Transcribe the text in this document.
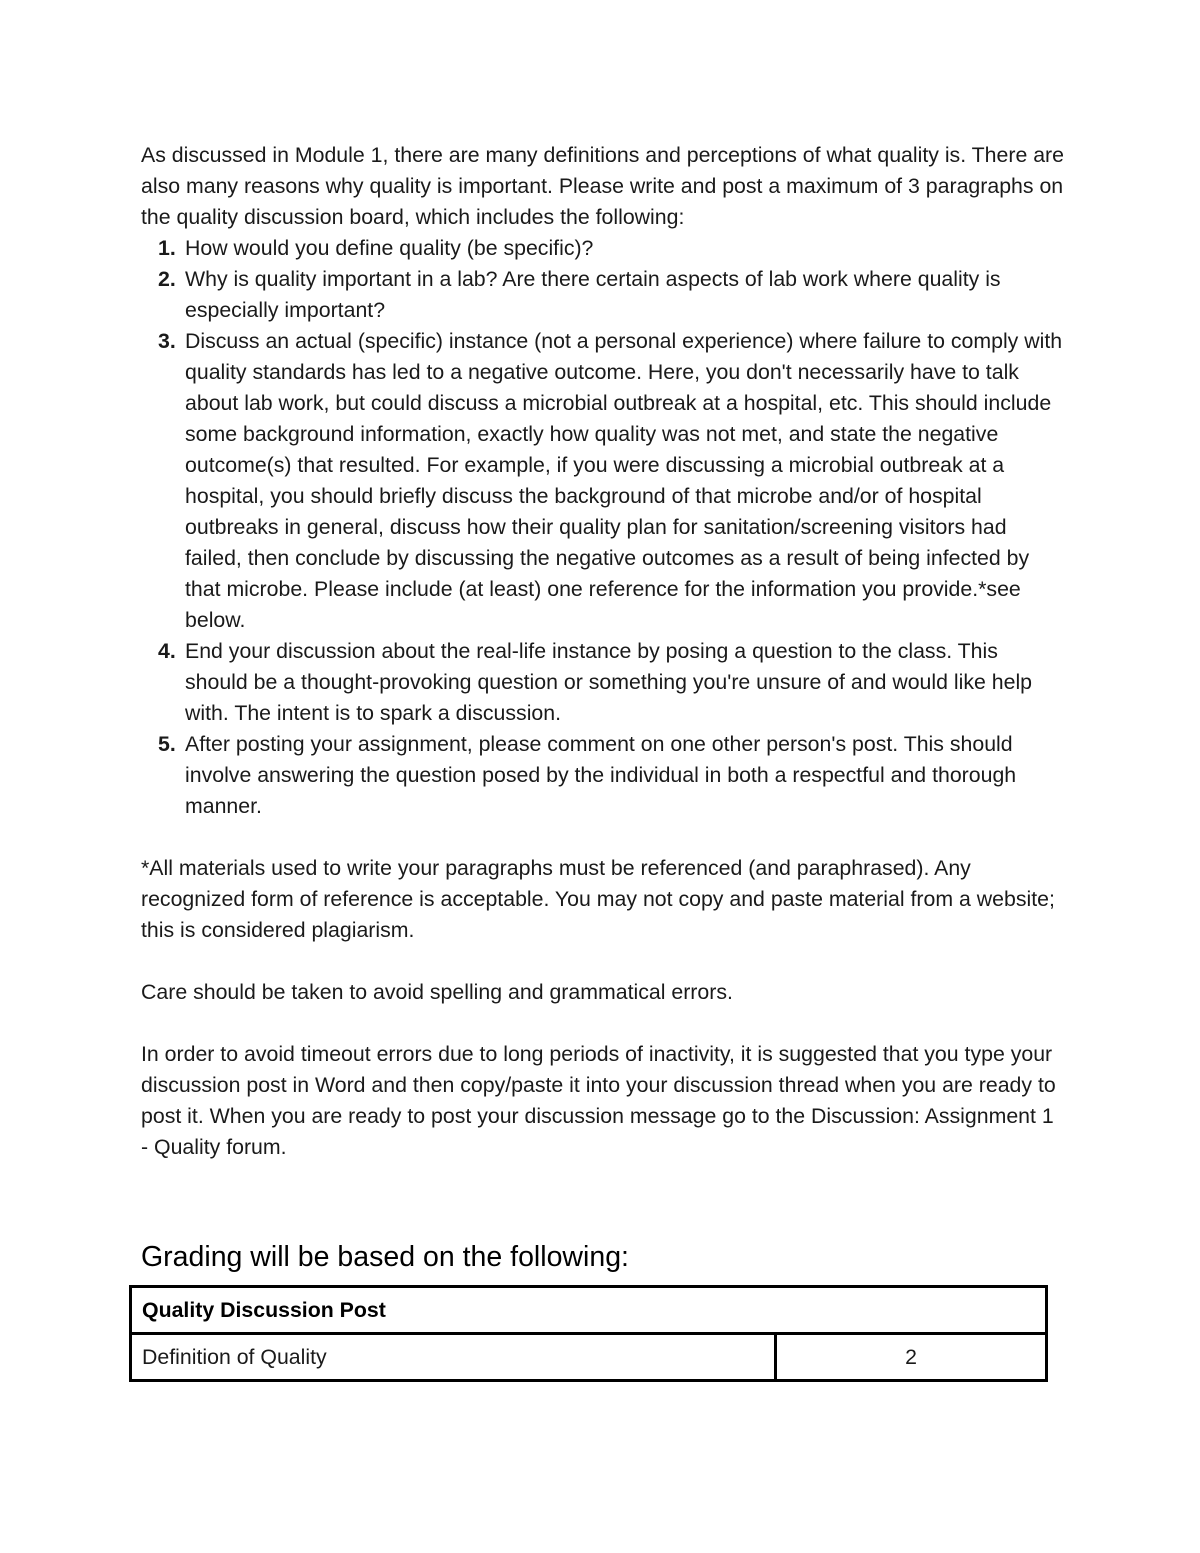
As discussed in Module 1, there are many definitions and perceptions of what quality is. There are also many reasons why quality is important. Please write and post a maximum of 3 paragraphs on the quality discussion board, which includes the following:

1. How would you define quality (be specific)?
2. Why is quality important in a lab? Are there certain aspects of lab work where quality is especially important?
3. Discuss an actual (specific) instance (not a personal experience) where failure to comply with quality standards has led to a negative outcome. Here, you don't necessarily have to talk about lab work, but could discuss a microbial outbreak at a hospital, etc. This should include some background information, exactly how quality was not met, and state the negative outcome(s) that resulted. For example, if you were discussing a microbial outbreak at a hospital, you should briefly discuss the background of that microbe and/or of hospital outbreaks in general, discuss how their quality plan for sanitation/screening visitors had failed, then conclude by discussing the negative outcomes as a result of being infected by that microbe. Please include (at least) one reference for the information you provide.*see below.
4. End your discussion about the real-life instance by posing a question to the class. This should be a thought-provoking question or something you're unsure of and would like help with. The intent is to spark a discussion.
5. After posting your assignment, please comment on one other person's post. This should involve answering the question posed by the individual in both a respectful and thorough manner.

*All materials used to write your paragraphs must be referenced (and paraphrased). Any recognized form of reference is acceptable. You may not copy and paste material from a website; this is considered plagiarism.

Care should be taken to avoid spelling and grammatical errors.

In order to avoid timeout errors due to long periods of inactivity, it is suggested that you type your discussion post in Word and then copy/paste it into your discussion thread when you are ready to post it. When you are ready to post your discussion message go to the Discussion: Assignment 1 - Quality forum.

Grading will be based on the following:
Quality Discussion Post
Definition of Quality	2
